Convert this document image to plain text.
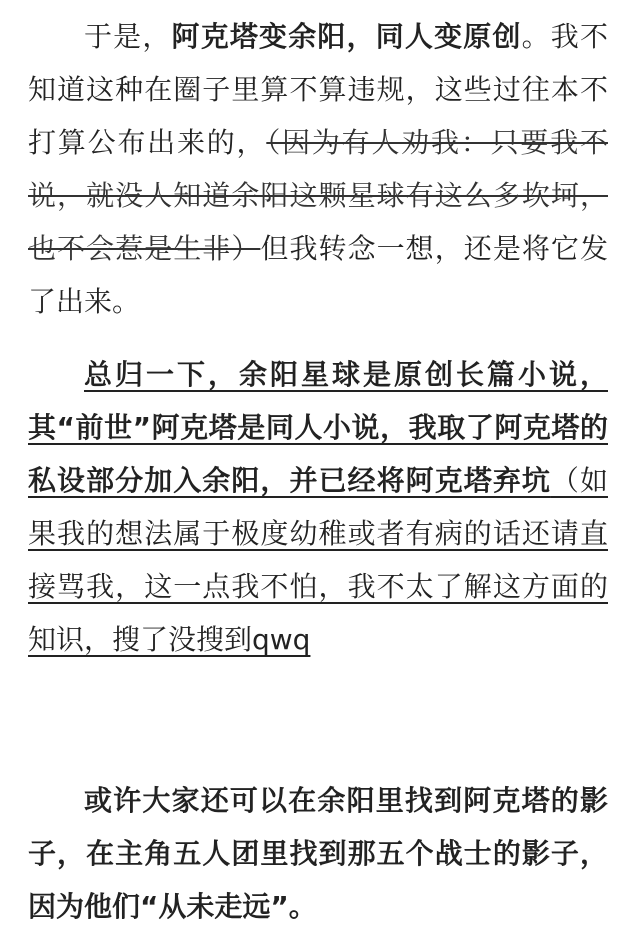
于是，阿克塔变余阳，同人变原创。我不知道这种在圈子里算不算违规，这些过往本不打算公布出来的，（因为有人劝我：只要我不说，就没人知道余阳这颗星球有这么多坎坷，也不会惹是生非）但我转念一想，还是将它发了出来。

总归一下，余阳星球是原创长篇小说，其“前世”阿克塔是同人小说，我取了阿克塔的私设部分加入余阳，并已经将阿克塔弃坑（如果我的想法属于极度幼稚或者有病的话还请直接骂我，这一点我不怕，我不太了解这方面的知识，搜了没搜到qwq

或许大家还可以在余阳里找到阿克塔的影子，在主角五人团里找到那五个战士的影子，因为他们“从未走远”。
